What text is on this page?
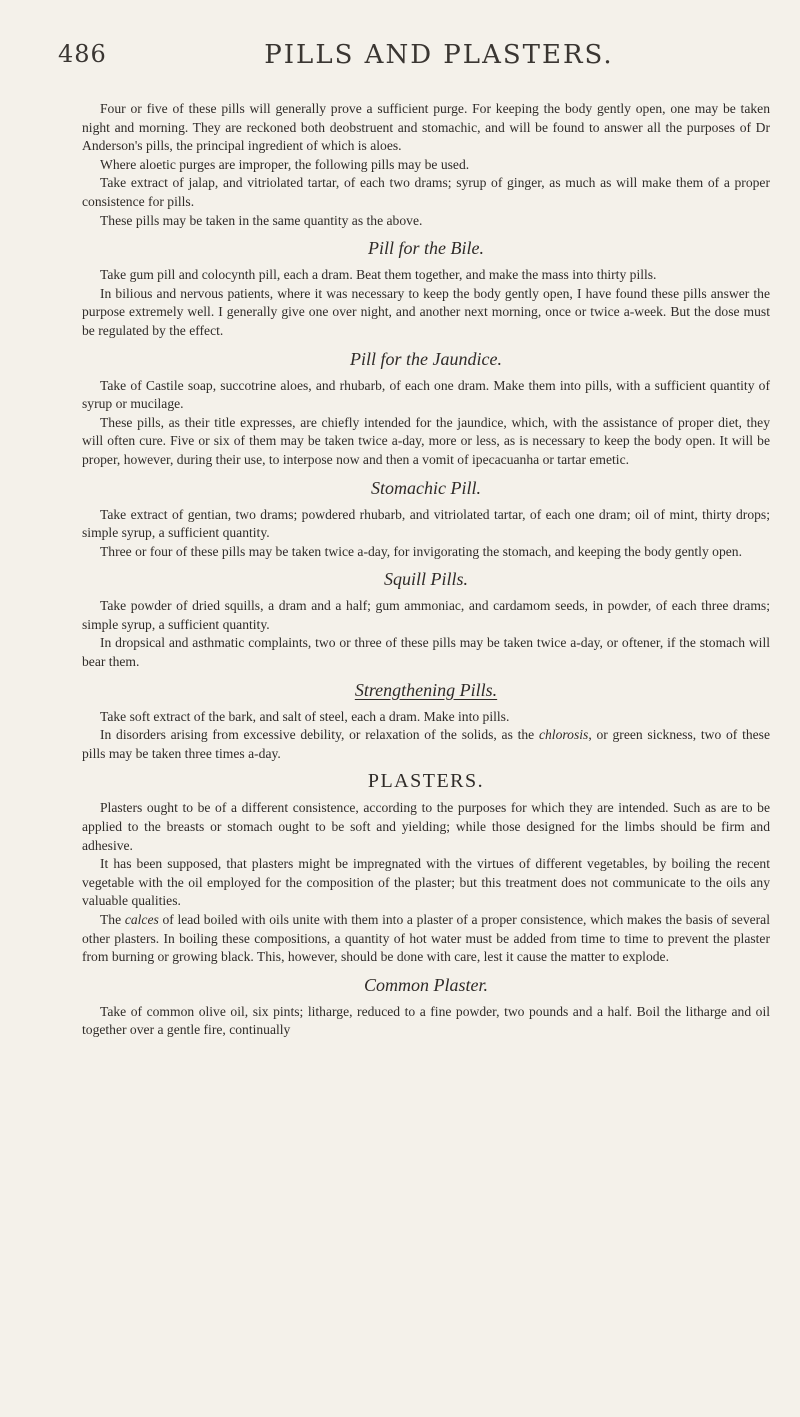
486	PILLS AND PLASTERS.

Four or five of these pills will generally prove a sufficient purge. For keeping the body gently open, one may be taken night and morning. They are reckoned both deobstruent and stomachic, and will be found to answer all the purposes of Dr Anderson's pills, the principal ingredient of which is aloes.

Where aloetic purges are improper, the following pills may be used.

Take extract of jalap, and vitriolated tartar, of each two drams; syrup of ginger, as much as will make them of a proper consistence for pills.

These pills may be taken in the same quantity as the above.

Pill for the Bile.

Take gum pill and colocynth pill, each a dram. Beat them together, and make the mass into thirty pills.

In bilious and nervous patients, where it was necessary to keep the body gently open, I have found these pills answer the purpose extremely well. I generally give one over night, and another next morning, once or twice a-week. But the dose must be regulated by the effect.

Pill for the Jaundice.

Take of Castile soap, succotrine aloes, and rhubarb, of each one dram. Make them into pills, with a sufficient quantity of syrup or mucilage.

These pills, as their title expresses, are chiefly intended for the jaundice, which, with the assistance of proper diet, they will often cure. Five or six of them may be taken twice a-day, more or less, as is necessary to keep the body open. It will be proper, however, during their use, to interpose now and then a vomit of ipecacuanha or tartar emetic.

Stomachic Pill.

Take extract of gentian, two drams; powdered rhubarb, and vitriolated tartar, of each one dram; oil of mint, thirty drops; simple syrup, a sufficient quantity.

Three or four of these pills may be taken twice a-day, for invigorating the stomach, and keeping the body gently open.

Squill Pills.

Take powder of dried squills, a dram and a half; gum ammoniac, and cardamom seeds, in powder, of each three drams; simple syrup, a sufficient quantity.

In dropsical and asthmatic complaints, two or three of these pills may be taken twice a-day, or oftener, if the stomach will bear them.

Strengthening Pills.

Take soft extract of the bark, and salt of steel, each a dram. Make into pills.

In disorders arising from excessive debility, or relaxation of the solids, as the chlorosis, or green sickness, two of these pills may be taken three times a-day.

PLASTERS.

Plasters ought to be of a different consistence, according to the purposes for which they are intended. Such as are to be applied to the breasts or stomach ought to be soft and yielding; while those designed for the limbs should be firm and adhesive.

It has been supposed, that plasters might be impregnated with the virtues of different vegetables, by boiling the recent vegetable with the oil employed for the composition of the plaster; but this treatment does not communicate to the oils any valuable qualities.

The calces of lead boiled with oils unite with them into a plaster of a proper consistence, which makes the basis of several other plasters. In boiling these compositions, a quantity of hot water must be added from time to time to prevent the plaster from burning or growing black. This, however, should be done with care, lest it cause the matter to explode.

Common Plaster.

Take of common olive oil, six pints; litharge, reduced to a fine powder, two pounds and a half. Boil the litharge and oil together over a gentle fire, continually
